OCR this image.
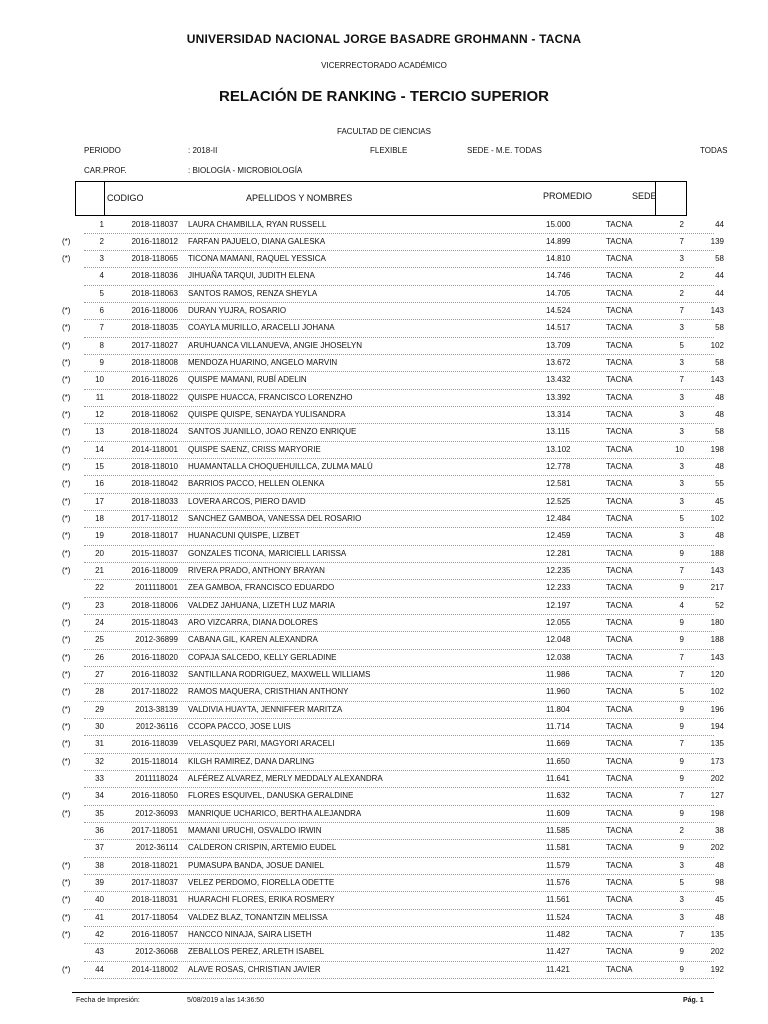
UNIVERSIDAD NACIONAL JORGE BASADRE GROHMANN - TACNA
VICERRECTORADO ACADÉMICO
RELACIÓN DE RANKING - TERCIO SUPERIOR
FACULTAD DE CIENCIAS
PERIODO	: 2018-II	FLEXIBLE	SEDE - M.E. TODAS	TODAS
CAR.PROF.	: BIOLOGÍA - MICROBIOLOGÍA
CODIGO	APELLIDOS Y NOMBRES	PROMEDIO	SEDE
1	2018-118037 LAURA CHAMBILLA, RYAN RUSSELL	15.000	TACNA	2	44
(*)	2	2016-118012 FARFAN PAJUELO, DIANA GALESKA	14.899	TACNA	7	139
(*)	3	2018-118065 TICONA MAMANI, RAQUEL YESSICA	14.810	TACNA	3	58
4	2018-118036 JIHUAÑA TARQUI, JUDITH ELENA	14.746	TACNA	2	44
5	2018-118063 SANTOS RAMOS, RENZA SHEYLA	14.705	TACNA	2	44
(*)	6	2016-118006 DURAN YUJRA, ROSARIO	14.524	TACNA	7	143
(*)	7	2018-118035 COAYLA MURILLO, ARACELLI JOHANA	14.517	TACNA	3	58
(*)	8	2017-118027 ARUHUANCA VILLANUEVA, ANGIE JHOSELYN	13.709	TACNA	5	102
(*)	9	2018-118008 MENDOZA HUARINO, ANGELO MARVIN	13.672	TACNA	3	58
(*)	10	2016-118026 QUISPE MAMANI, RUBÍ ADELIN	13.432	TACNA	7	143
(*)	11	2018-118022 QUISPE HUACCA, FRANCISCO LORENZHO	13.392	TACNA	3	48
(*)	12	2018-118062 QUISPE QUISPE, SENAYDA YULISANDRA	13.314	TACNA	3	48
(*)	13	2018-118024 SANTOS JUANILLO, JOAO RENZO ENRIQUE	13.115	TACNA	3	58
(*)	14	2014-118001 QUISPE SAENZ, CRISS MARYORIE	13.102	TACNA	10	198
(*)	15	2018-118010 HUAMANTALLA CHOQUEHUILLCA, ZULMA MALÚ	12.778	TACNA	3	48
(*)	16	2018-118042 BARRIOS PACCO, HELLEN OLENKA	12.581	TACNA	3	55
(*)	17	2018-118033 LOVERA ARCOS, PIERO DAVID	12.525	TACNA	3	45
(*)	18	2017-118012 SANCHEZ GAMBOA, VANESSA DEL ROSARIO	12.484	TACNA	5	102
(*)	19	2018-118017 HUANACUNI QUISPE, LIZBET	12.459	TACNA	3	48
(*)	20	2015-118037 GONZALES TICONA, MARICIELL LARISSA	12.281	TACNA	9	188
(*)	21	2016-118009 RIVERA PRADO, ANTHONY BRAYAN	12.235	TACNA	7	143
22	2011118001 ZEA GAMBOA, FRANCISCO EDUARDO	12.233	TACNA	9	217
(*)	23	2018-118006 VALDEZ JAHUANA, LIZETH LUZ MARIA	12.197	TACNA	4	52
(*)	24	2015-118043 ARO VIZCARRA, DIANA DOLORES	12.055	TACNA	9	180
(*)	25	2012-36899 CABANA GIL, KAREN ALEXANDRA	12.048	TACNA	9	188
(*)	26	2016-118020 COPAJA SALCEDO, KELLY GERLADINE	12.038	TACNA	7	143
(*)	27	2016-118032 SANTILLANA RODRIGUEZ, MAXWELL WILLIAMS	11.986	TACNA	7	120
(*)	28	2017-118022 RAMOS MAQUERA, CRISTHIAN ANTHONY	11.960	TACNA	5	102
(*)	29	2013-38139 VALDIVIA HUAYTA, JENNIFFER MARITZA	11.804	TACNA	9	196
(*)	30	2012-36116 CCOPA PACCO, JOSE LUIS	11.714	TACNA	9	194
(*)	31	2016-118039 VELASQUEZ PARI, MAGYORI ARACELI	11.669	TACNA	7	135
(*)	32	2015-118014 KILGH RAMIREZ, DANA DARLING	11.650	TACNA	9	173
33	2011118024 ALFÉREZ ALVAREZ, MERLY MEDDALY ALEXANDRA	11.641	TACNA	9	202
(*)	34	2016-118050 FLORES ESQUIVEL, DANUSKA GERALDINE	11.632	TACNA	7	127
(*)	35	2012-36093 MANRIQUE UCHARICO, BERTHA ALEJANDRA	11.609	TACNA	9	198
36	2017-118051 MAMANI URUCHI, OSVALDO IRWIN	11.585	TACNA	2	38
37	2012-36114 CALDERON CRISPIN, ARTEMIO EUDEL	11.581	TACNA	9	202
(*)	38	2018-118021 PUMASUPA BANDA, JOSUE DANIEL	11.579	TACNA	3	48
(*)	39	2017-118037 VELEZ PERDOMO, FIORELLA ODETTE	11.576	TACNA	5	98
(*)	40	2018-118031 HUARACHI FLORES, ERIKA ROSMERY	11.561	TACNA	3	45
(*)	41	2017-118054 VALDEZ BLAZ, TONANTZIN MELISSA	11.524	TACNA	3	48
(*)	42	2016-118057 HANCCO NINAJA, SAIRA LISETH	11.482	TACNA	7	135
43	2012-36068 ZEBALLOS PEREZ, ARLETH ISABEL	11.427	TACNA	9	202
(*)	44	2014-118002 ALAVE ROSAS, CHRISTIAN JAVIER	11.421	TACNA	9	192
Fecha de Impresión:	5/08/2019 a las 14:36:50	Pág. 1
